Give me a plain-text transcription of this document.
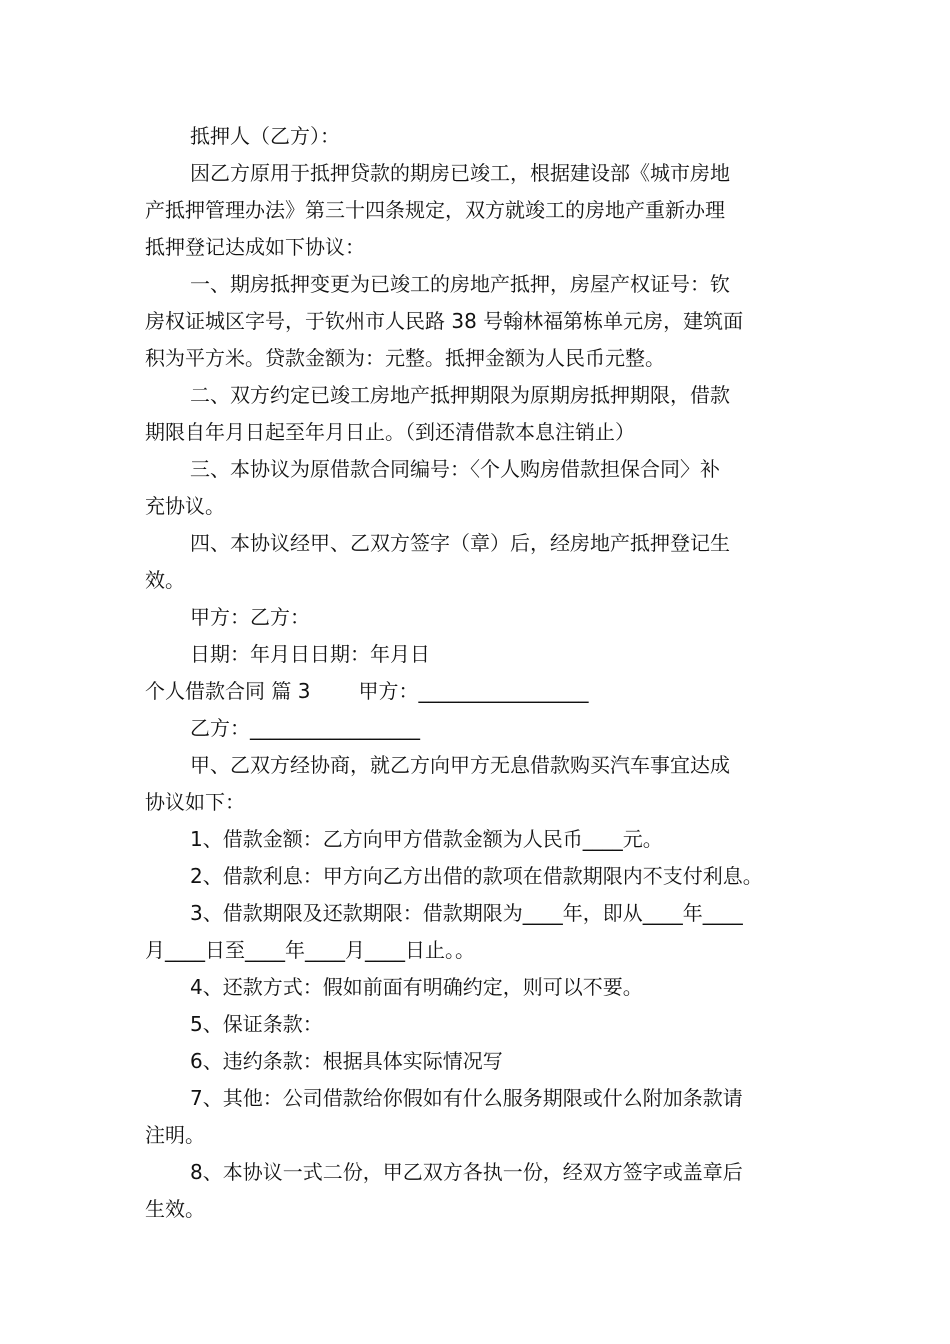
抵押人（乙方）：

因乙方原用于抵押贷款的期房已竣工，根据建设部《城市房地

产抵押管理办法》第三十四条规定，双方就竣工的房地产重新办理

抵押登记达成如下协议：

一、期房抵押变更为已竣工的房地产抵押，房屋产权证号：钦

房权证城区字号，于钦州市人民路 38 号翰林福第栋单元房，建筑面

积为平方米。贷款金额为：元整。抵押金额为人民币元整。

二、双方约定已竣工房地产抵押期限为原期房抵押期限，借款

期限自年月日起至年月日止。（到还清借款本息注销止）

三、本协议为原借款合同编号：〈个人购房借款担保合同〉补

充协议。

四、本协议经甲、乙双方签字（章）后，经房地产抵押登记生

效。

甲方：乙方：

日期：年月日日期：年月日

个人借款合同 篇 3 甲方：_________________

乙方：_________________

甲、乙双方经协商，就乙方向甲方无息借款购买汽车事宜达成

协议如下：

1、借款金额：乙方向甲方借款金额为人民币____元。

2、借款利息：甲方向乙方出借的款项在借款期限内不支付利息。

3、借款期限及还款期限：借款期限为____年，即从____年____

月____日至____年____月____日止。。

4、还款方式：假如前面有明确约定，则可以不要。

5、保证条款：

6、违约条款：根据具体实际情况写

7、其他：公司借款给你假如有什么服务期限或什么附加条款请

注明。

8、本协议一式二份，甲乙双方各执一份，经双方签字或盖章后

生效。
